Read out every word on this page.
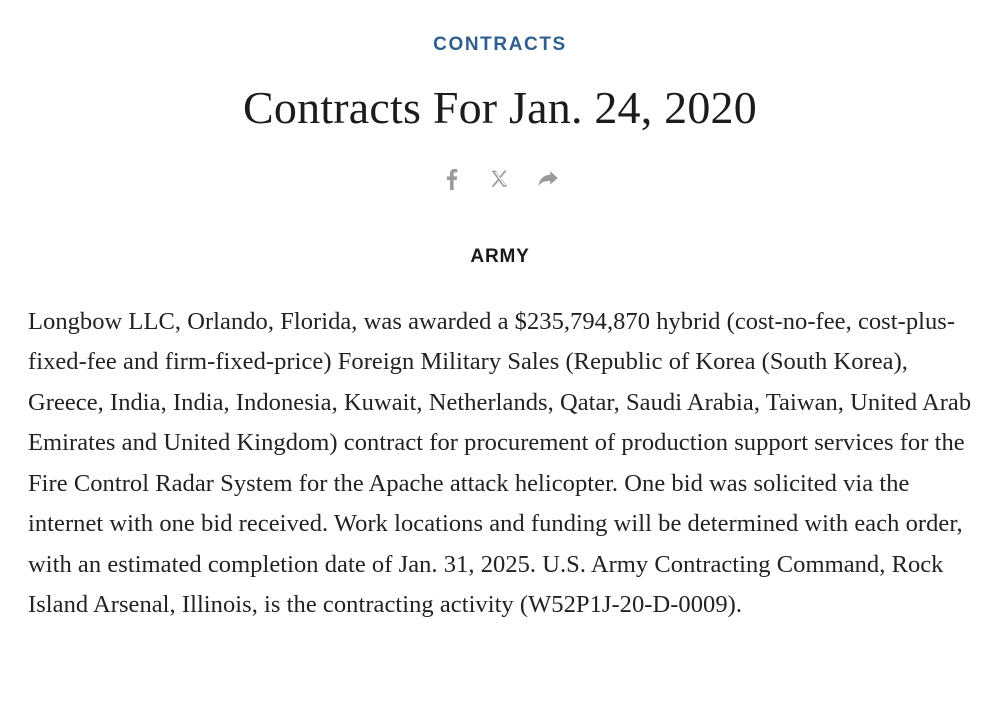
CONTRACTS
Contracts For Jan. 24, 2020
ARMY

Longbow LLC, Orlando, Florida, was awarded a $235,794,870 hybrid (cost-no-fee, cost-plus-fixed-fee and firm-fixed-price) Foreign Military Sales (Republic of Korea (South Korea), Greece, India, India, Indonesia, Kuwait, Netherlands, Qatar, Saudi Arabia, Taiwan, United Arab Emirates and United Kingdom) contract for procurement of production support services for the Fire Control Radar System for the Apache attack helicopter. One bid was solicited via the internet with one bid received. Work locations and funding will be determined with each order, with an estimated completion date of Jan. 31, 2025. U.S. Army Contracting Command, Rock Island Arsenal, Illinois, is the contracting activity (W52P1J-20-D-0009).
